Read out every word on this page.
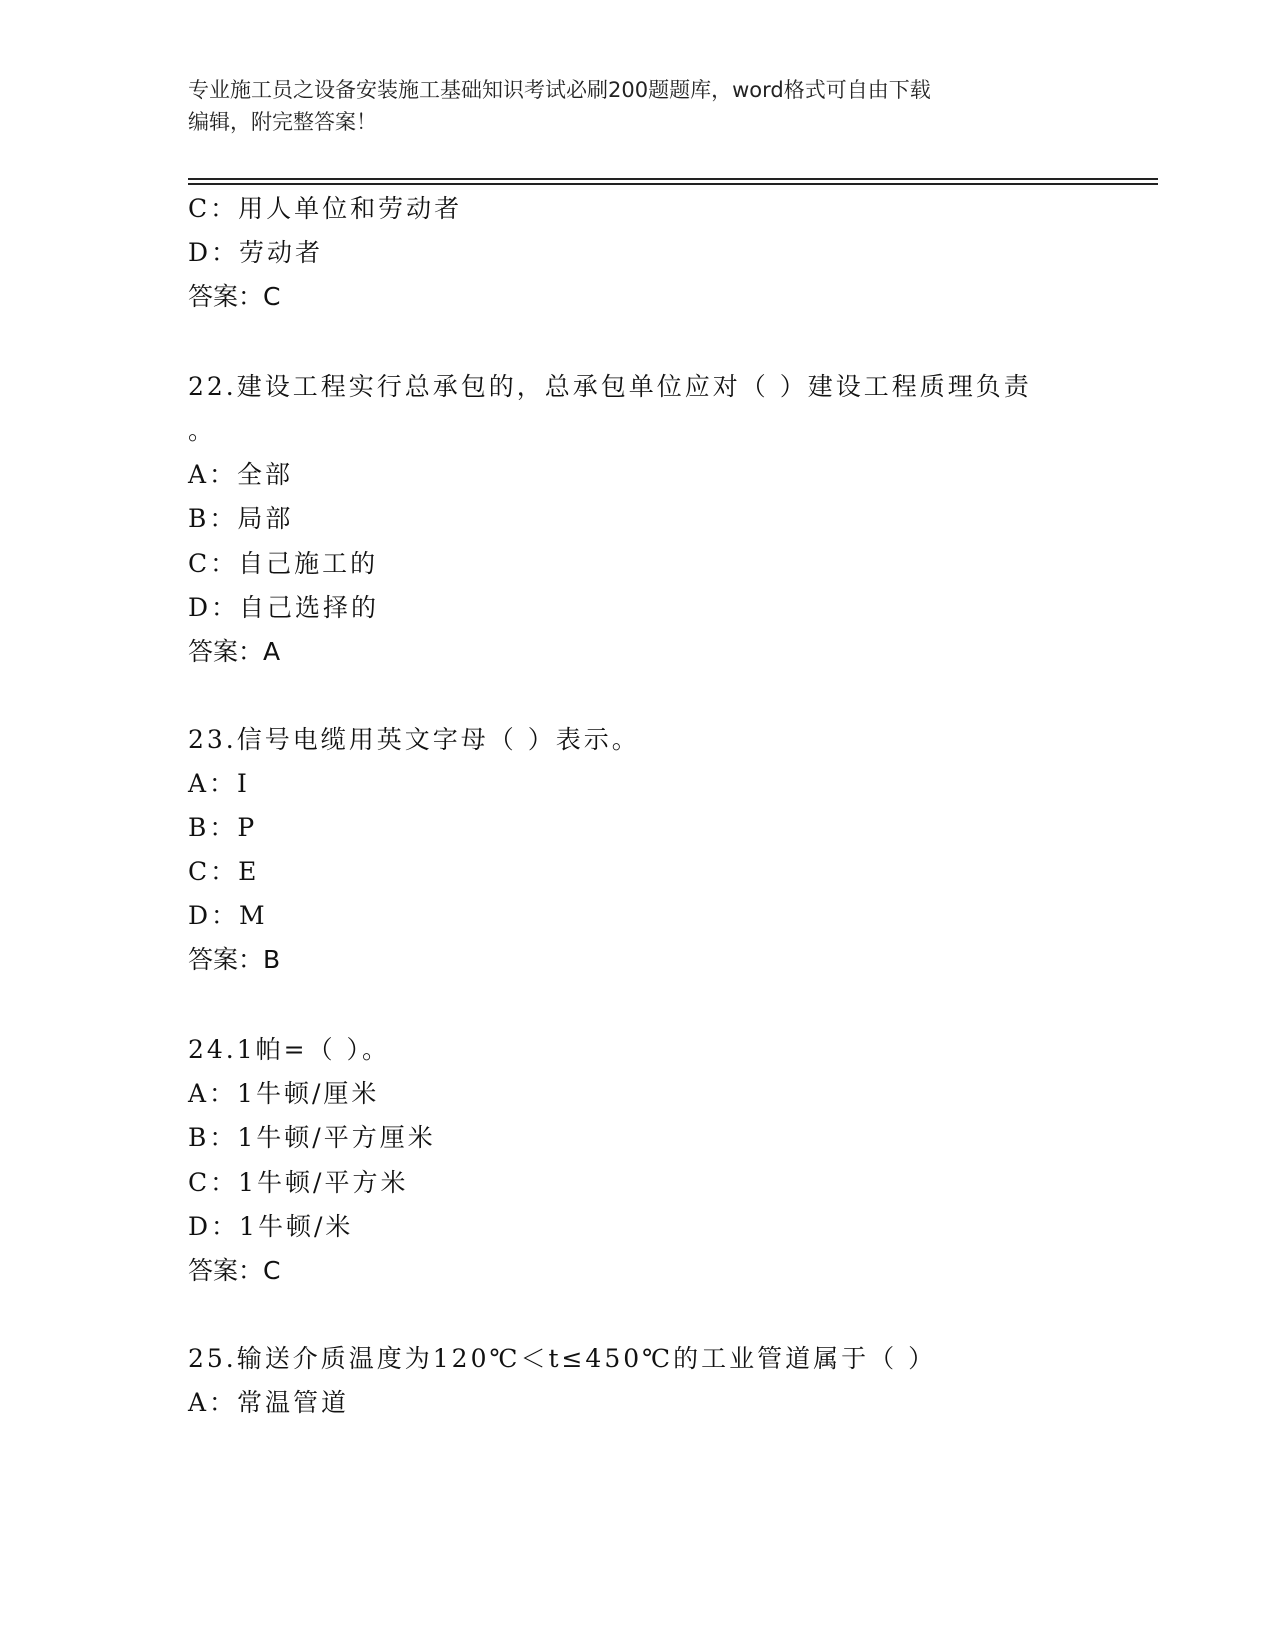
专业施工员之设备安装施工基础知识考试必刷200题题库，word格式可自由下载
编辑，附完整答案！
C：用人单位和劳动者
D：劳动者
答案：C
22.建设工程实行总承包的，总承包单位应对（ ）建设工程质理负责
。
A：全部
B：局部
C：自己施工的
D：自己选择的
答案：A
23.信号电缆用英文字母（ ）表示。
A：I
B：P
C：E
D：M
答案：B
24.1帕=（ ）。
A：1牛顿/厘米
B：1牛顿/平方厘米
C：1牛顿/平方米
D：1牛顿/米
答案：C
25.输送介质温度为120℃＜t≤450℃的工业管道属于（ ）
A：常温管道
